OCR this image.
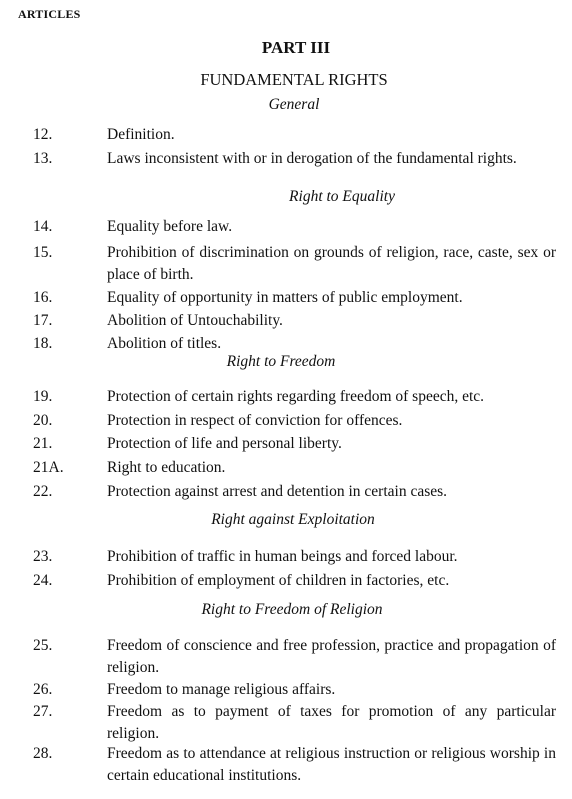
ARTICLES
PART III
FUNDAMENTAL RIGHTS
General
12.	Definition.
13.	Laws inconsistent with or in derogation of the fundamental rights.
Right to Equality
14.	Equality before law.
15.	Prohibition of discrimination on grounds of religion, race, caste, sex or place of birth.
16.	Equality of opportunity in matters of public employment.
17.	Abolition of Untouchability.
18.	Abolition of titles.
Right to Freedom
19.	Protection of certain rights regarding freedom of speech, etc.
20.	Protection in respect of conviction for offences.
21.	Protection of life and personal liberty.
21A.	Right to education.
22.	Protection against arrest and detention in certain cases.
Right against Exploitation
23.	Prohibition of traffic in human beings and forced labour.
24.	Prohibition of employment of children in factories, etc.
Right to Freedom of Religion
25.	Freedom of conscience and free profession, practice and propagation of religion.
26.	Freedom to manage religious affairs.
27.	Freedom as to payment of taxes for promotion of any particular religion.
28.	Freedom as to attendance at religious instruction or religious worship in certain educational institutions.
